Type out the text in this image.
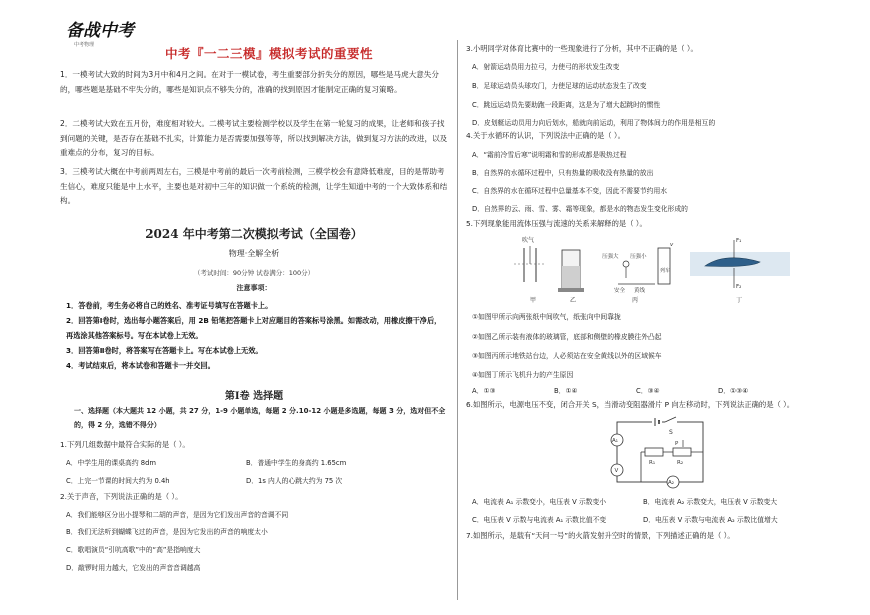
备战中考
中考物理
中考『一二三模』模拟考试的重要性
1．一模考试大致的时间为3月中和4月之间。在对于一模试卷，考生重要部分折失分的原因，哪些是马虎大意失分的，哪些题是基础不牢失分的，哪些是知识点不够失分的，准确的找到原因才能制定正确的复习策略。
2．二模考试大致在五月份，难度相对较大。二模考试主要检测学校以及学生在第一轮复习的成果，让老师和孩子找到问题的关键，是否存在基础不扎实，计算能力是否需要加强等等，所以找到解决方法，做到复习方法的改进，以及重难点的分布，复习的目标。
3．三模考试大概在中考前两周左右，三模是中考前的最后一次考前检测，三模学校会有意降低难度，目的是帮助考生信心，难度只能是中上水平，主要也是对初中三年的知识做一个系统的检测，让学生知道中考的一个大致体系和结构。
2024 年中考第二次模拟考试（全国卷）
物理·全解全析
（考试时间：90分钟 试卷满分：100分）
注意事项：

1．答卷前，考生务必将自己的姓名、准考证号填写在答题卡上。

2．回答第Ⅰ卷时，选出每小题答案后，用 2B 铅笔把答题卡上对应题目的答案标号涂黑。如需改动，用橡皮擦干净后，再选涂其他答案标号。写在本试卷上无效。

3．回答第Ⅱ卷时，将答案写在答题卡上。写在本试卷上无效。

4．考试结束后，将本试卷和答题卡一并交回。

第Ⅰ卷 选择题
一、选择题（本大题共 12 小题，共 27 分，1-9 小题单选，每题 2 分.10-12 小题是多选题，每题 3 分，选对但不全的，得 2 分，选错不得分）
1.下列几组数据中最符合实际的是（ ）。
A．中学生用的课桌高约 8dm	B．普通中学生的身高约 1.65cm
C．上完一节课的时间大约为 0.4h	D．1s 内人的心跳大约为 75 次
2.关于声音，下列说法正确的是（ ）。
A．我们能够区分出小提琴和二胡的声音，是因为它们发出声音的音调不同
B．我们无法听到蝴蝶飞过的声音，是因为它发出的声音的响度太小
C．歌唱演员“引吭高歌”中的“高”是指响度大
D．敲锣时用力越大，它发出的声音音调越高
3.小明同学对体育比赛中的一些现象进行了分析，其中不正确的是（ ）。
A．射箭运动员用力拉弓，力使弓的形状发生改变
B．足球运动员头球攻门，力使足球的运动状态发生了改变
C．跳远运动员先要助跑一段距离，这是为了增大起跳时的惯性
D．皮划艇运动员用力向后划水，船就向前运动，利用了物体间力的作用是相互的
4.关于水循环的认识，下列说法中正确的是（ ）。
A．“霜前冷雪后寒”说明霜和雪的形成都是吸热过程
B．自然界的水循环过程中，只有热量的吸收没有热量的放出
C．自然界的水在循环过程中总量基本不变，因此不需要节约用水
D．自然界的云、雨、雪、雾、霜等现象，都是水的物态发生变化形成的
5.下列现象能用流体压强与流速的关系来解释的是（ ）。
吹气
甲	乙
压强大 压强小
列车
v
安全 黄线
丙
F₁
F₂
丁
①如图甲所示向两张纸中间吹气，纸张向中间靠拢
②如图乙所示装有液体的玻璃管，底部和侧壁的橡皮膜往外凸起
③如图丙所示地铁站台边，人必须站在安全黄线以外的区域候车
④如图丁所示飞机升力的产生原因
A．①③	B．①④	C．③④	D．①③④
6.如图所示，电源电压不变，闭合开关 S，当滑动变阻器滑片 P 向左移动时，下列说法正确的是（ ）。
S
A₁
V
R₁	R₂
P
A₂
A．电流表 A₁ 示数变小，电压表 V 示数变小	B．电流表 A₂ 示数变大，电压表 V 示数变大
C．电压表 V 示数与电流表 A₁ 示数比值不变	D．电压表 V 示数与电流表 A₂ 示数比值增大
7.如图所示，是载有“天问一号”的火箭发射升空时的情景，下列描述正确的是（ ）。
